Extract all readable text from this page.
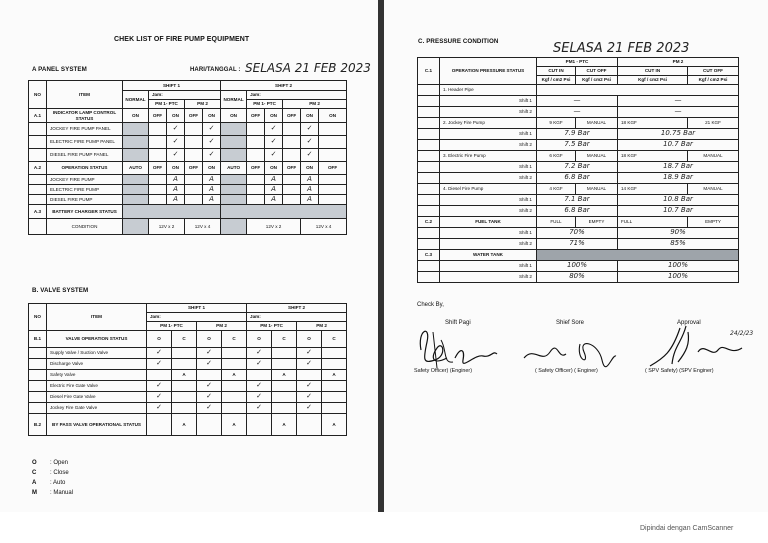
CHEK LIST OF FIRE PUMP EQUIPMENT
A PANEL SYSTEM	HARI/TANGGAL : SELASA 21 FEB 2023
NO	ITEM	SHIFT 1					SHIFT 2					
		NORMAL	Jam:				NORMAL	Jam:				
			PM 1- PTC		PM 2			PM 1- PTC		PM 2		
A.1	INDICATOR LAMP CONTROL STATUS	ON	OFF	ON	OFF	ON	ON	OFF	ON	OFF	ON	ON
	JOCKEY FIRE PUMP PANEL			✓		✓			✓		✓	
	ELECTRIC FIRE PUMP PANEL			✓		✓			✓		✓	
	DIESEL FIRE PUMP PANEL			✓		✓			✓		✓	
A.2	OPERATION STATUS	AUTO	OFF	ON	OFF	ON	AUTO	OFF	ON	OFF	ON	OFF
	JOCKEY FIRE PUMP			A		A			A		A	
	ELECTRIC FIRE PUMP			A		A			A		A	
	DIESEL FIRE PUMP			A		A			A		A	
A.3	BATTERY CHARGER STATUS											
	CONDITION		12V x 2		12V x 4			12V x 2			12V x 4	
B. VALVE SYSTEM
NO	ITEM	SHIFT 1				SHIFT 2			
		Jam:				Jam:			
		PM 1- PTC		PM 2		PM 1- PTC		PM 2	
B.1	VALVE OPERATION STATUS	O	C	O	C	O	C	O	C
	Supply Valve / Suction Valve	✓		✓		✓		✓	
	Discharge Valve	✓		✓		✓		✓	
	Safety Valve		A		A		A		A
	Electric Fire Gate Valve	✓		✓		✓		✓	
	Diesel Fire Gate Valve	✓		✓		✓		✓	
	Jockey Fire Gate Valve	✓		✓		✓		✓	
B.2	BY PASS VALVE OPERATIONAL STATUS		A		A		A		A
O	: Open
C	: Close
A	: Auto
M	: Manual
C. PRESSURE CONDITION	SELASA 21 FEB 2023
C.1	OPERATION PRESSURE STATUS	PM1 - PTC		PM 2	
		CUT IN	CUT OFF	CUT IN	CUT OFF
		Kgf / cm2 Psi	Kgf / cm2 Psi	Kgf / cm2 Psi	Kgf / cm2 Psi
	1. Header Pipe				
	Shift 1	—		—	
	Shift 2	—		—	
	2. Jockey Fire Pump	9 KGF	MANUAL	18 KGF	21 KGF
	Shift 1	7.9 Bar		10.75 Bar	
	Shift 2	7.5 Bar		10.7 Bar	
	3. Electric Fire Pump	6 KGF	MANUAL	18 KGF	MANUAL
	Shift 1	7.2 Bar		18.7 Bar	
	Shift 2	6.8 Bar		18.9 Bar	
	4. Diesel Fire Pump	4 KGF	MANUAL	14 KGF	MANUAL
	Shift 1	7.1 Bar		10.8 Bar	
	Shift 2	6.8 Bar		10.7 Bar	
C.2	FUEL TANK	FULL	EMPTY	FULL	EMPTY
	Shift 1	70%		90%	
	Shift 2	71%		85%	
C.3	WATER TANK				
	Shift 1	100%		100%	
	Shift 2	80%		100%	
Check By,
Shift Pagi	Shief Sore	Approval
24/2/23
Safety Officer) (Enginer)	( Safety Officer) ( Enginer)	( SPV Safety) (SPV Enginer)
Dipindai dengan CamScanner
